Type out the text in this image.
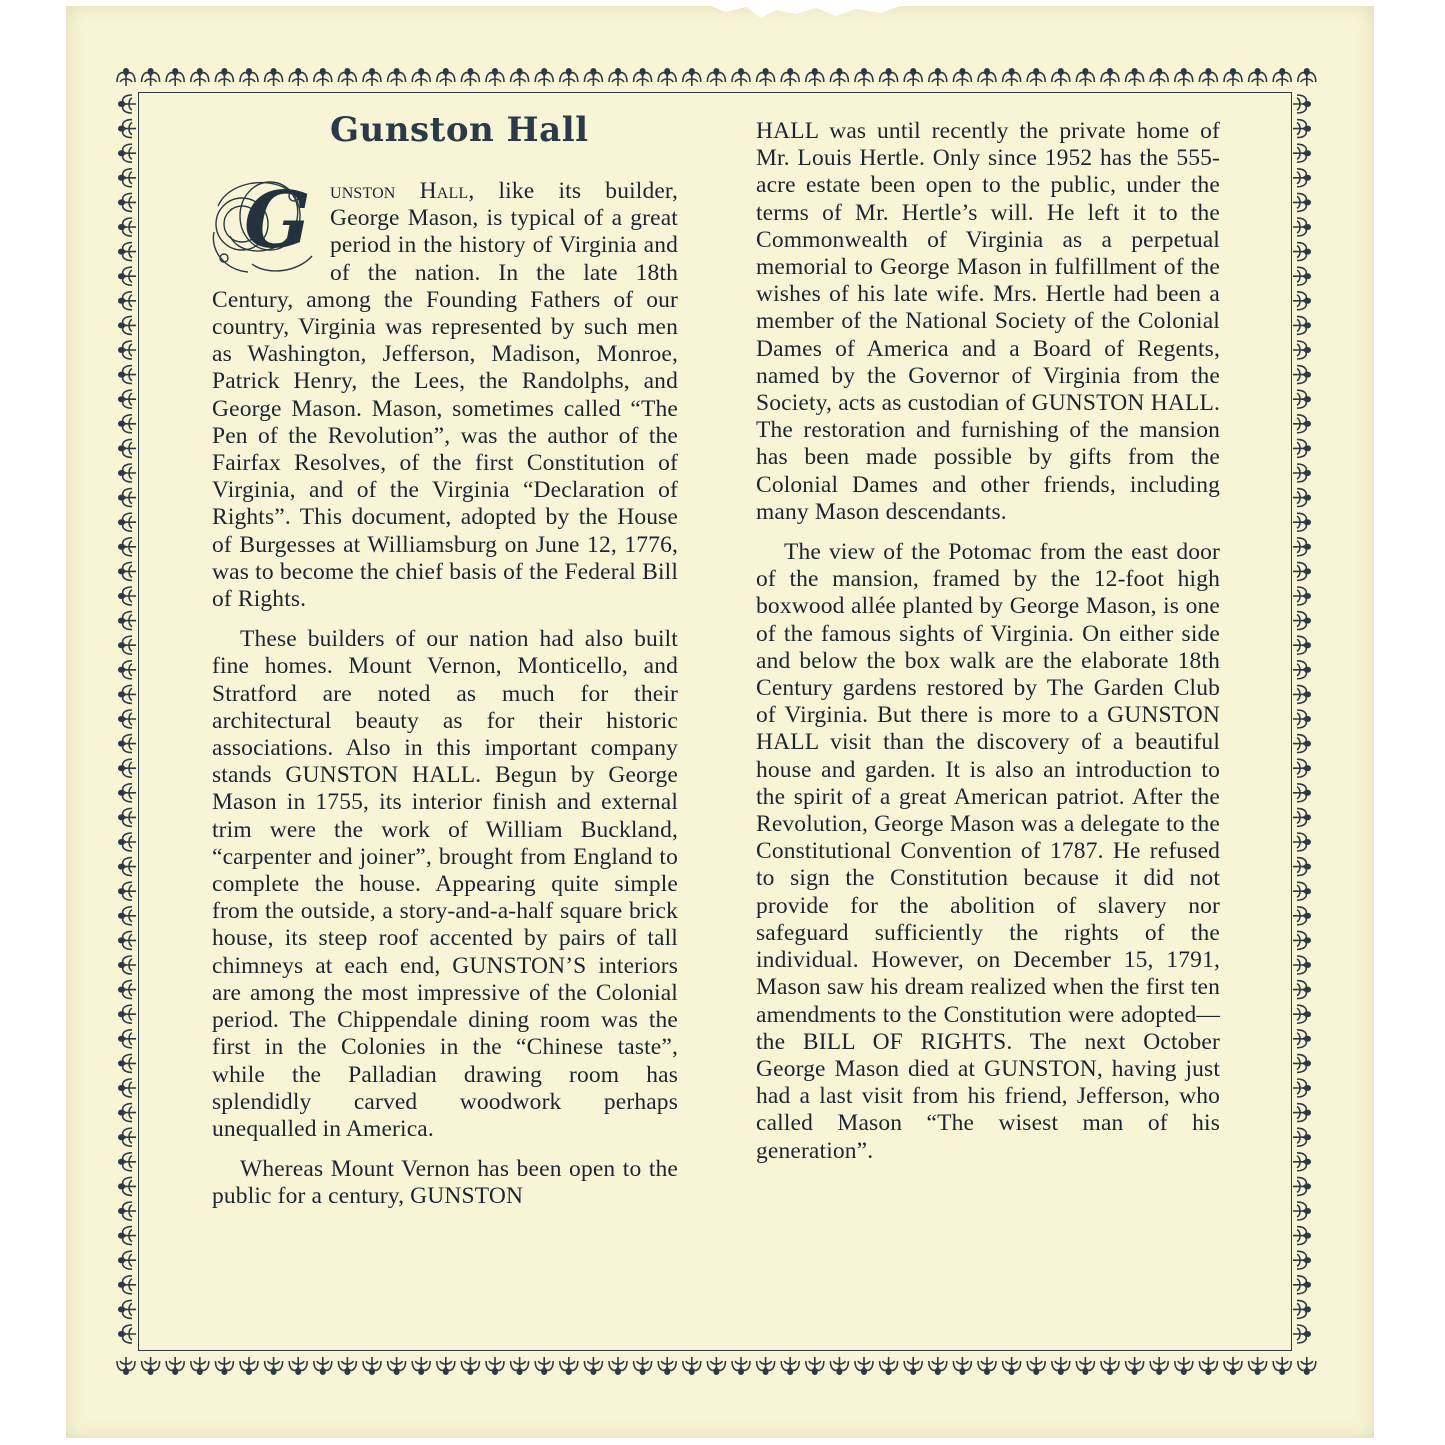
Gunston Hall

G unston Hall, like its builder, George Mason, is typical of a great period in the history of Virginia and of the nation. In the late 18th Century, among the Founding Fathers of our country, Virginia was represented by such men as Washington, Jefferson, Madison, Monroe, Patrick Henry, the Lees, the Randolphs, and George Mason. Mason, sometimes called “The Pen of the Revolution”, was the author of the Fairfax Resolves, of the first Constitution of Virginia, and of the Virginia “Declaration of Rights”. This document, adopted by the House of Burgesses at Williamsburg on June 12, 1776, was to become the chief basis of the Federal Bill of Rights.

These builders of our nation had also built fine homes. Mount Vernon, Monticello, and Stratford are noted as much for their architectural beauty as for their historic associations. Also in this important company stands GUNSTON HALL. Begun by George Mason in 1755, its interior finish and external trim were the work of William Buckland, “carpenter and joiner”, brought from England to complete the house. Appearing quite simple from the outside, a story-and-a-half square brick house, its steep roof accented by pairs of tall chimneys at each end, GUNSTON’S interiors are among the most impressive of the Colonial period. The Chippendale dining room was the first in the Colonies in the “Chinese taste”, while the Palladian drawing room has splendidly carved woodwork perhaps unequalled in America.

Whereas Mount Vernon has been open to the public for a century, GUNSTON

HALL was until recently the private home of Mr. Louis Hertle. Only since 1952 has the 555-acre estate been open to the public, under the terms of Mr. Hertle’s will. He left it to the Commonwealth of Virginia as a perpetual memorial to George Mason in fulfillment of the wishes of his late wife. Mrs. Hertle had been a member of the National Society of the Colonial Dames of America and a Board of Regents, named by the Governor of Virginia from the Society, acts as custodian of GUNSTON HALL. The restoration and furnishing of the mansion has been made possible by gifts from the Colonial Dames and other friends, including many Mason descendants.

The view of the Potomac from the east door of the mansion, framed by the 12-foot high boxwood allée planted by George Mason, is one of the famous sights of Virginia. On either side and below the box walk are the elaborate 18th Century gardens restored by The Garden Club of Virginia. But there is more to a GUNSTON HALL visit than the discovery of a beautiful house and garden. It is also an introduction to the spirit of a great American patriot. After the Revolution, George Mason was a delegate to the Constitutional Convention of 1787. He refused to sign the Constitution because it did not provide for the abolition of slavery nor safeguard sufficiently the rights of the individual. However, on December 15, 1791, Mason saw his dream realized when the first ten amendments to the Constitution were adopted—the BILL OF RIGHTS. The next October George Mason died at GUNSTON, having just had a last visit from his friend, Jefferson, who called Mason “The wisest man of his generation”.
